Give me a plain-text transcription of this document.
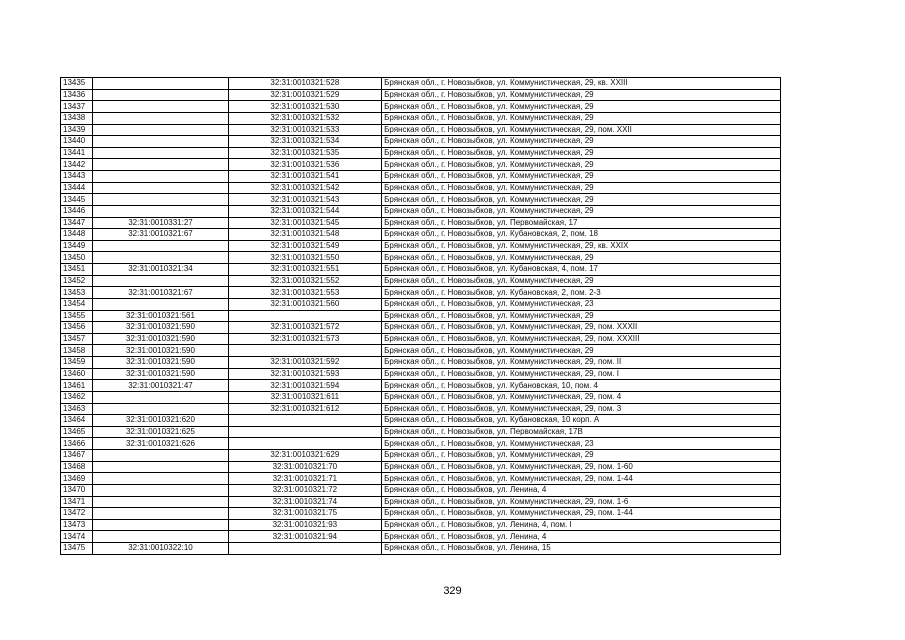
13435		32:31:0010321:528	Брянская обл., г. Новозыбков, ул. Коммунистическая, 29, кв. XXIII
13436		32:31:0010321:529	Брянская обл., г. Новозыбков, ул. Коммунистическая, 29
13437		32:31:0010321:530	Брянская обл., г. Новозыбков, ул. Коммунистическая, 29
13438		32:31:0010321:532	Брянская обл., г. Новозыбков, ул. Коммунистическая, 29
13439		32:31:0010321:533	Брянская обл., г. Новозыбков, ул. Коммунистическая, 29, пом. XXII
13440		32:31:0010321:534	Брянская обл., г. Новозыбков, ул. Коммунистическая, 29
13441		32:31:0010321:535	Брянская обл., г. Новозыбков, ул. Коммунистическая, 29
13442		32:31:0010321:536	Брянская обл., г. Новозыбков, ул. Коммунистическая, 29
13443		32:31:0010321:541	Брянская обл., г. Новозыбков, ул. Коммунистическая, 29
13444		32:31:0010321:542	Брянская обл., г. Новозыбков, ул. Коммунистическая, 29
13445		32:31:0010321:543	Брянская обл., г. Новозыбков, ул. Коммунистическая, 29
13446		32:31:0010321:544	Брянская обл., г. Новозыбков, ул. Коммунистическая, 29
13447	32:31:0010331:27	32:31:0010321:545	Брянская обл., г. Новозыбков, ул. Первомайская, 17
13448	32:31:0010321:67	32:31:0010321:548	Брянская обл., г. Новозыбков, ул. Кубановская, 2, пом. 18
13449		32:31:0010321:549	Брянская обл., г. Новозыбков, ул. Коммунистическая, 29, кв. XXIX
13450		32:31:0010321:550	Брянская обл., г. Новозыбков, ул. Коммунистическая, 29
13451	32:31:0010321:34	32:31:0010321:551	Брянская обл., г. Новозыбков, ул. Кубановская, 4, пом. 17
13452		32:31:0010321:552	Брянская обл., г. Новозыбков, ул. Коммунистическая, 29
13453	32:31:0010321:67	32:31:0010321:553	Брянская обл., г. Новозыбков, ул. Кубановская, 2, пом. 2-3
13454		32:31:0010321:560	Брянская обл., г. Новозыбков, ул. Коммунистическая, 23
13455	32:31:0010321:561		Брянская обл., г. Новозыбков, ул. Коммунистическая, 29
13456	32:31:0010321:590	32:31:0010321:572	Брянская обл., г. Новозыбков, ул. Коммунистическая, 29, пом. XXXII
13457	32:31:0010321:590	32:31:0010321:573	Брянская обл., г. Новозыбков, ул. Коммунистическая, 29, пом. XXXIII
13458	32:31:0010321:590		Брянская обл., г. Новозыбков, ул. Коммунистическая, 29
13459	32:31:0010321:590	32:31:0010321:592	Брянская обл., г. Новозыбков, ул. Коммунистическая, 29, пом. II
13460	32:31:0010321:590	32:31:0010321:593	Брянская обл., г. Новозыбков, ул. Коммунистическая, 29, пом. I
13461	32:31:0010321:47	32:31:0010321:594	Брянская обл., г. Новозыбков, ул. Кубановская, 10, пом. 4
13462		32:31:0010321:611	Брянская обл., г. Новозыбков, ул. Коммунистическая, 29, пом. 4
13463		32:31:0010321:612	Брянская обл., г. Новозыбков, ул. Коммунистическая, 29, пом. 3
13464	32:31:0010321:620		Брянская обл., г. Новозыбков, ул. Кубановская, 10 корп. А
13465	32:31:0010321:625		Брянская обл., г. Новозыбков, ул. Первомайская, 17В
13466	32:31:0010321:626		Брянская обл., г. Новозыбков, ул. Коммунистическая, 23
13467		32:31:0010321:629	Брянская обл., г. Новозыбков, ул. Коммунистическая, 29
13468		32:31:0010321:70	Брянская обл., г. Новозыбков, ул. Коммунистическая, 29, пом. 1-60
13469		32:31:0010321:71	Брянская обл., г. Новозыбков, ул. Коммунистическая, 29, пом. 1-44
13470		32:31:0010321:72	Брянская обл., г. Новозыбков, ул. Ленина, 4
13471		32:31:0010321:74	Брянская обл., г. Новозыбков, ул. Коммунистическая, 29, пом. 1-6
13472		32:31:0010321:75	Брянская обл., г. Новозыбков, ул. Коммунистическая, 29, пом. 1-44
13473		32:31:0010321:93	Брянская обл., г. Новозыбков, ул. Ленина, 4, пом. I
13474		32:31:0010321:94	Брянская обл., г. Новозыбков, ул. Ленина, 4
13475	32:31:0010322:10		Брянская обл., г. Новозыбков, ул. Ленина, 15
329
